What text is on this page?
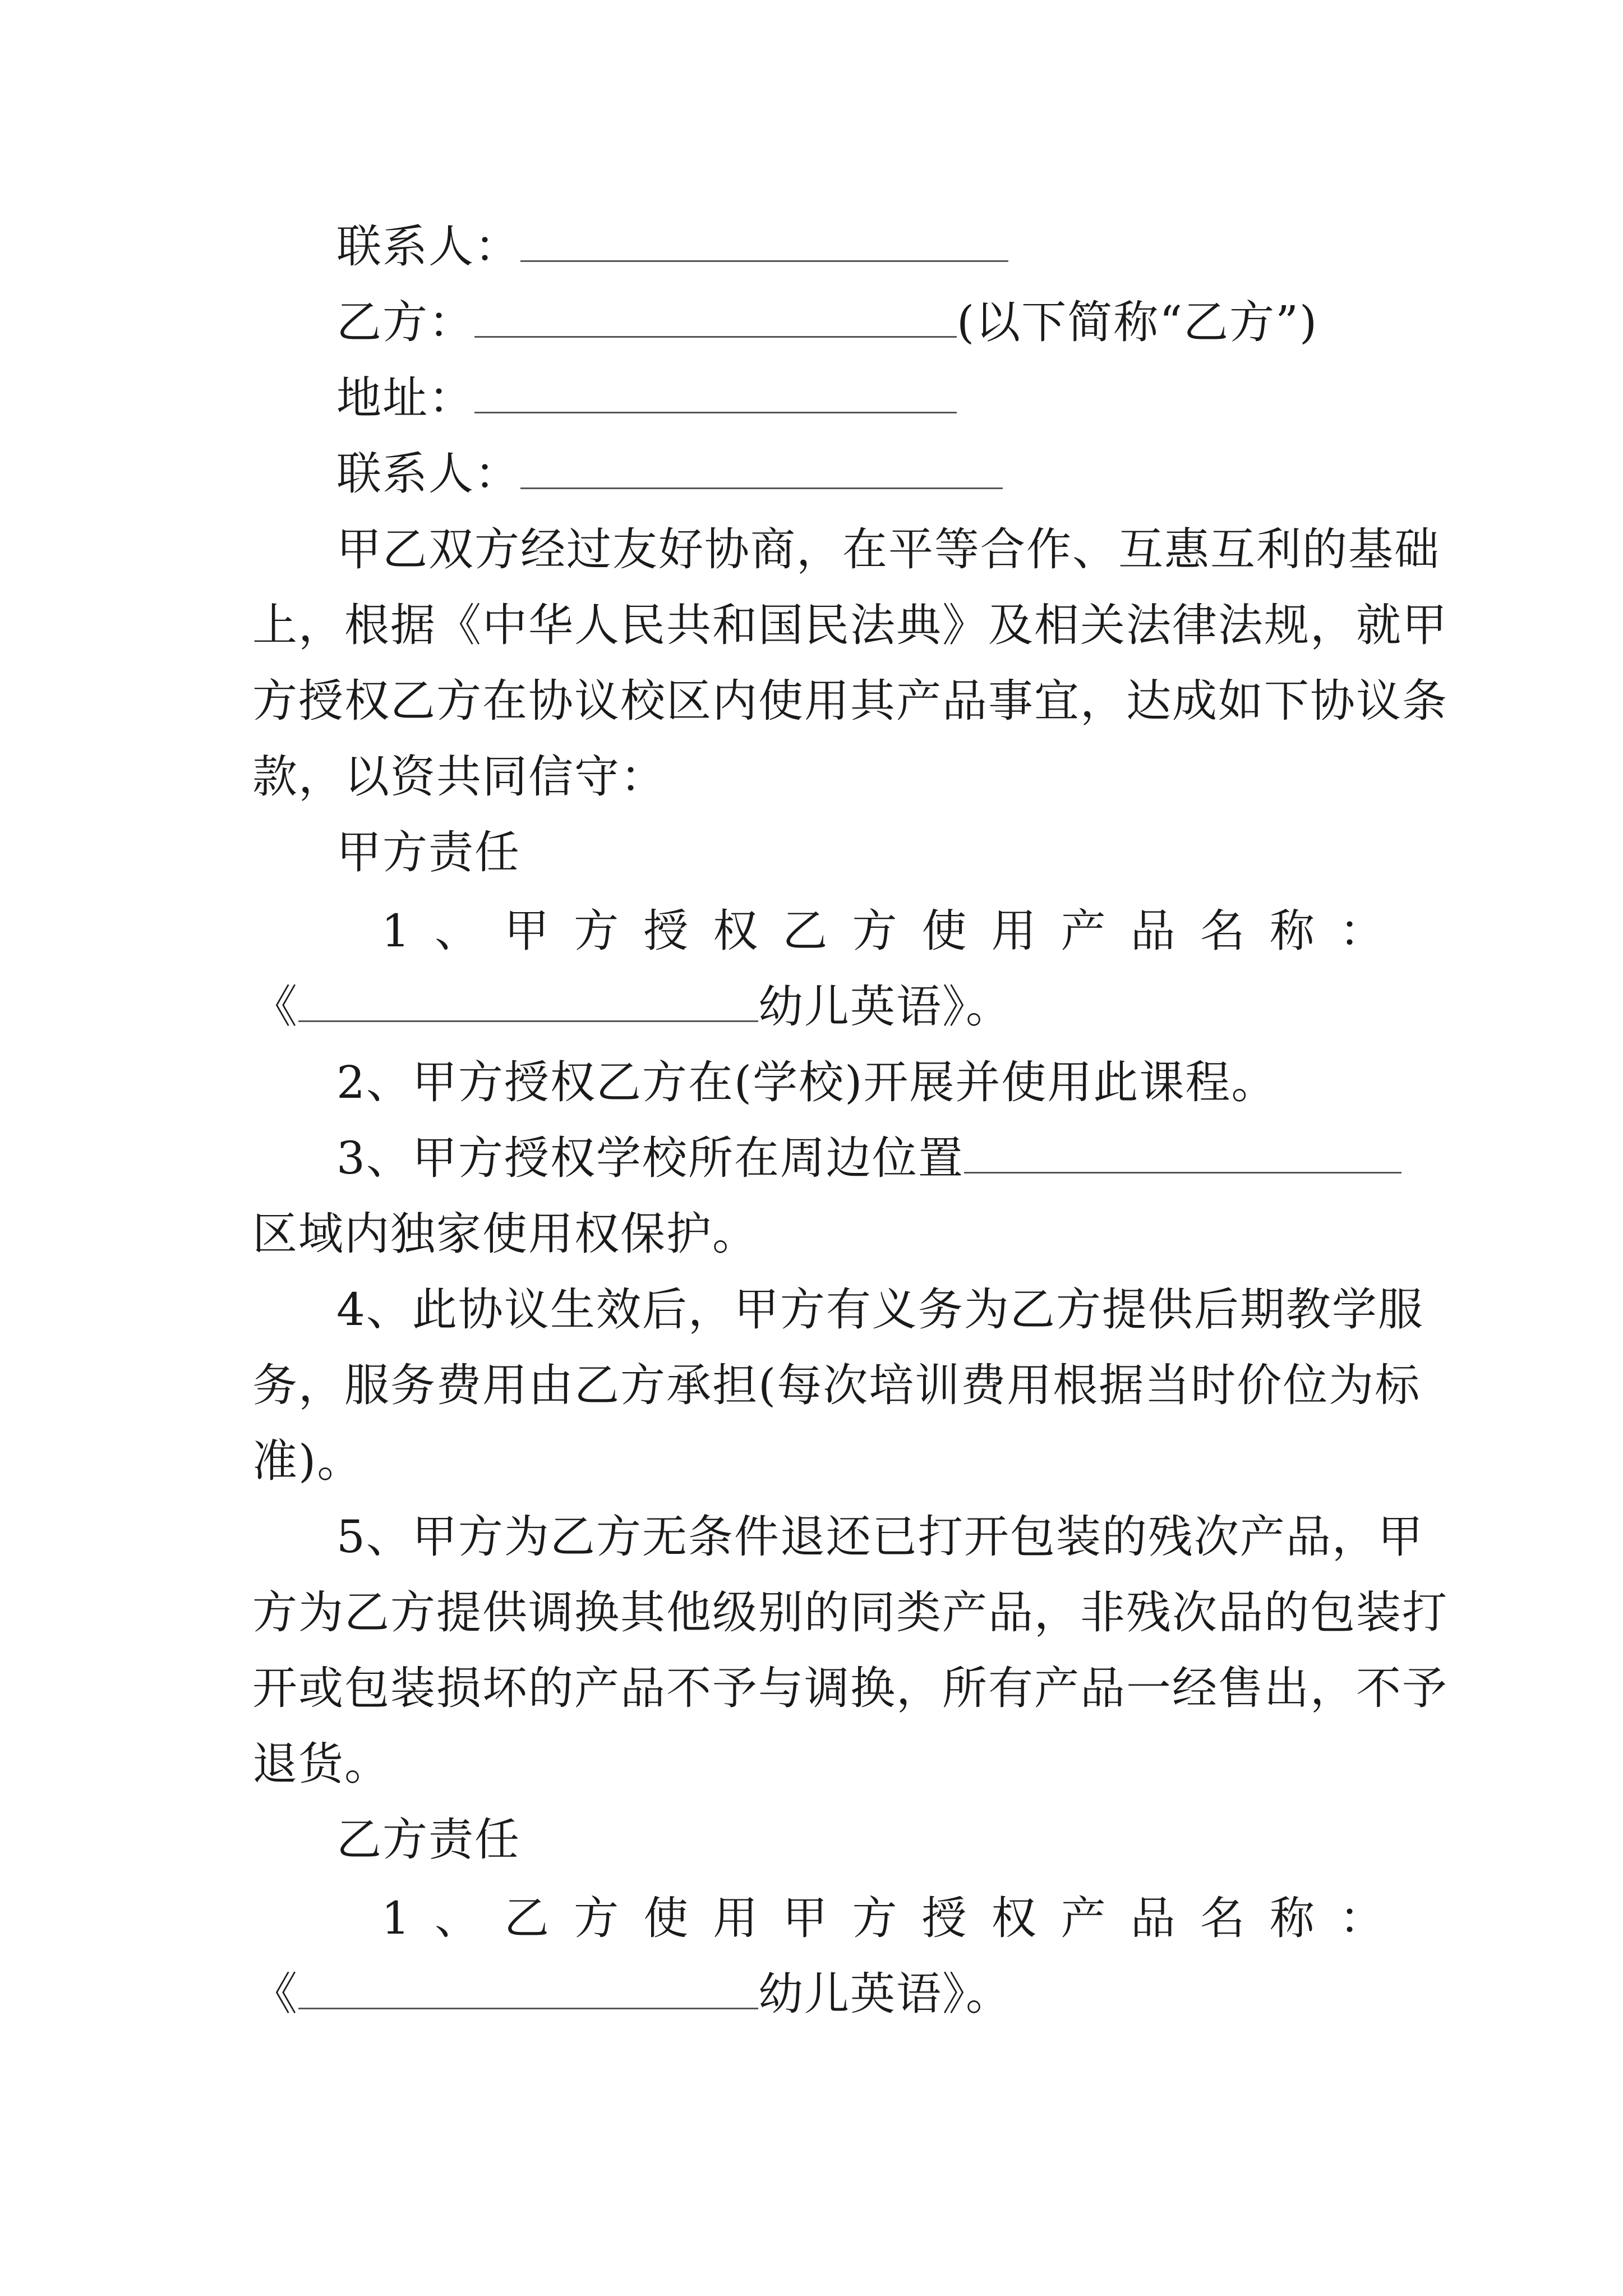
联系人：
乙方：	(以下简称“乙方”)
地址：
联系人：
甲乙双方经过友好协商，在平等合作、互惠互利的基础
上，根据《中华人民共和国民法典》及相关法律法规，就甲
方授权乙方在协议校区内使用其产品事宜，达成如下协议条
款，以资共同信守：
甲方责任
1、甲方授权乙方使用产品名称：
《	幼儿英语》。
2、甲方授权乙方在(学校)开展并使用此课程。
3、甲方授权学校所在周边位置
区域内独家使用权保护。
4、此协议生效后，甲方有义务为乙方提供后期教学服
务，服务费用由乙方承担(每次培训费用根据当时价位为标
准)。
5、甲方为乙方无条件退还已打开包装的残次产品，甲
方为乙方提供调换其他级别的同类产品，非残次品的包装打
开或包装损坏的产品不予与调换，所有产品一经售出，不予
退货。
乙方责任
1、乙方使用甲方授权产品名称：
《	幼儿英语》。
